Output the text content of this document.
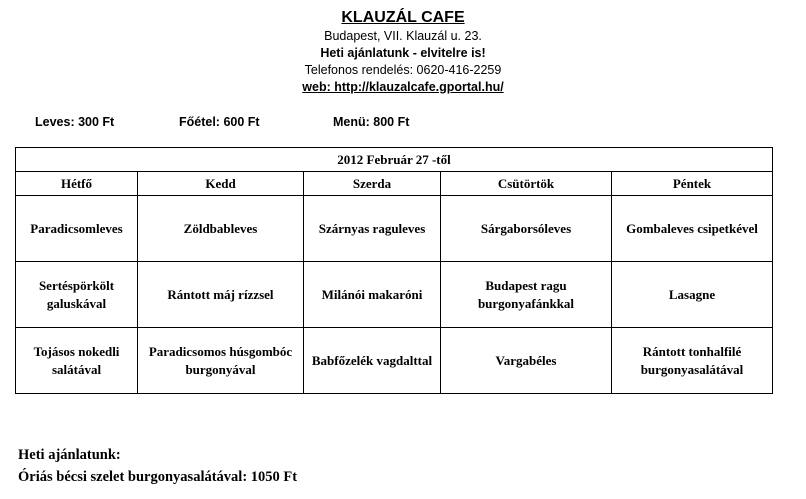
KLAUZÁL CAFE
Budapest, VII. Klauzál u. 23.
Heti ajánlatunk - elvitelre is!
Telefonos rendelés: 0620-416-2259
web: http://klauzalcafe.gportal.hu/
Leves: 300 Ft	Főétel: 600 Ft	Menü: 800 Ft
2012 Február 27 -től				
Hétfő	Kedd	Szerda	Csütörtök	Péntek
Paradicsomleves	Zöldbableves	Szárnyas raguleves	Sárgaborsóleves	Gombaleves csipetkével
Sertéspörkölt galuskával	Rántott máj rízzsel	Milánói makaróni	Budapest ragu burgonyafánkkal	Lasagne
Tojásos nokedli salátával	Paradicsomos húsgombóc burgonyával	Babfőzelék vagdalttal	Vargabéles	Rántott tonhalfilé burgonyasalátával
Heti ajánlatunk:
Óriás bécsi szelet burgonyasalátával: 1050 Ft
